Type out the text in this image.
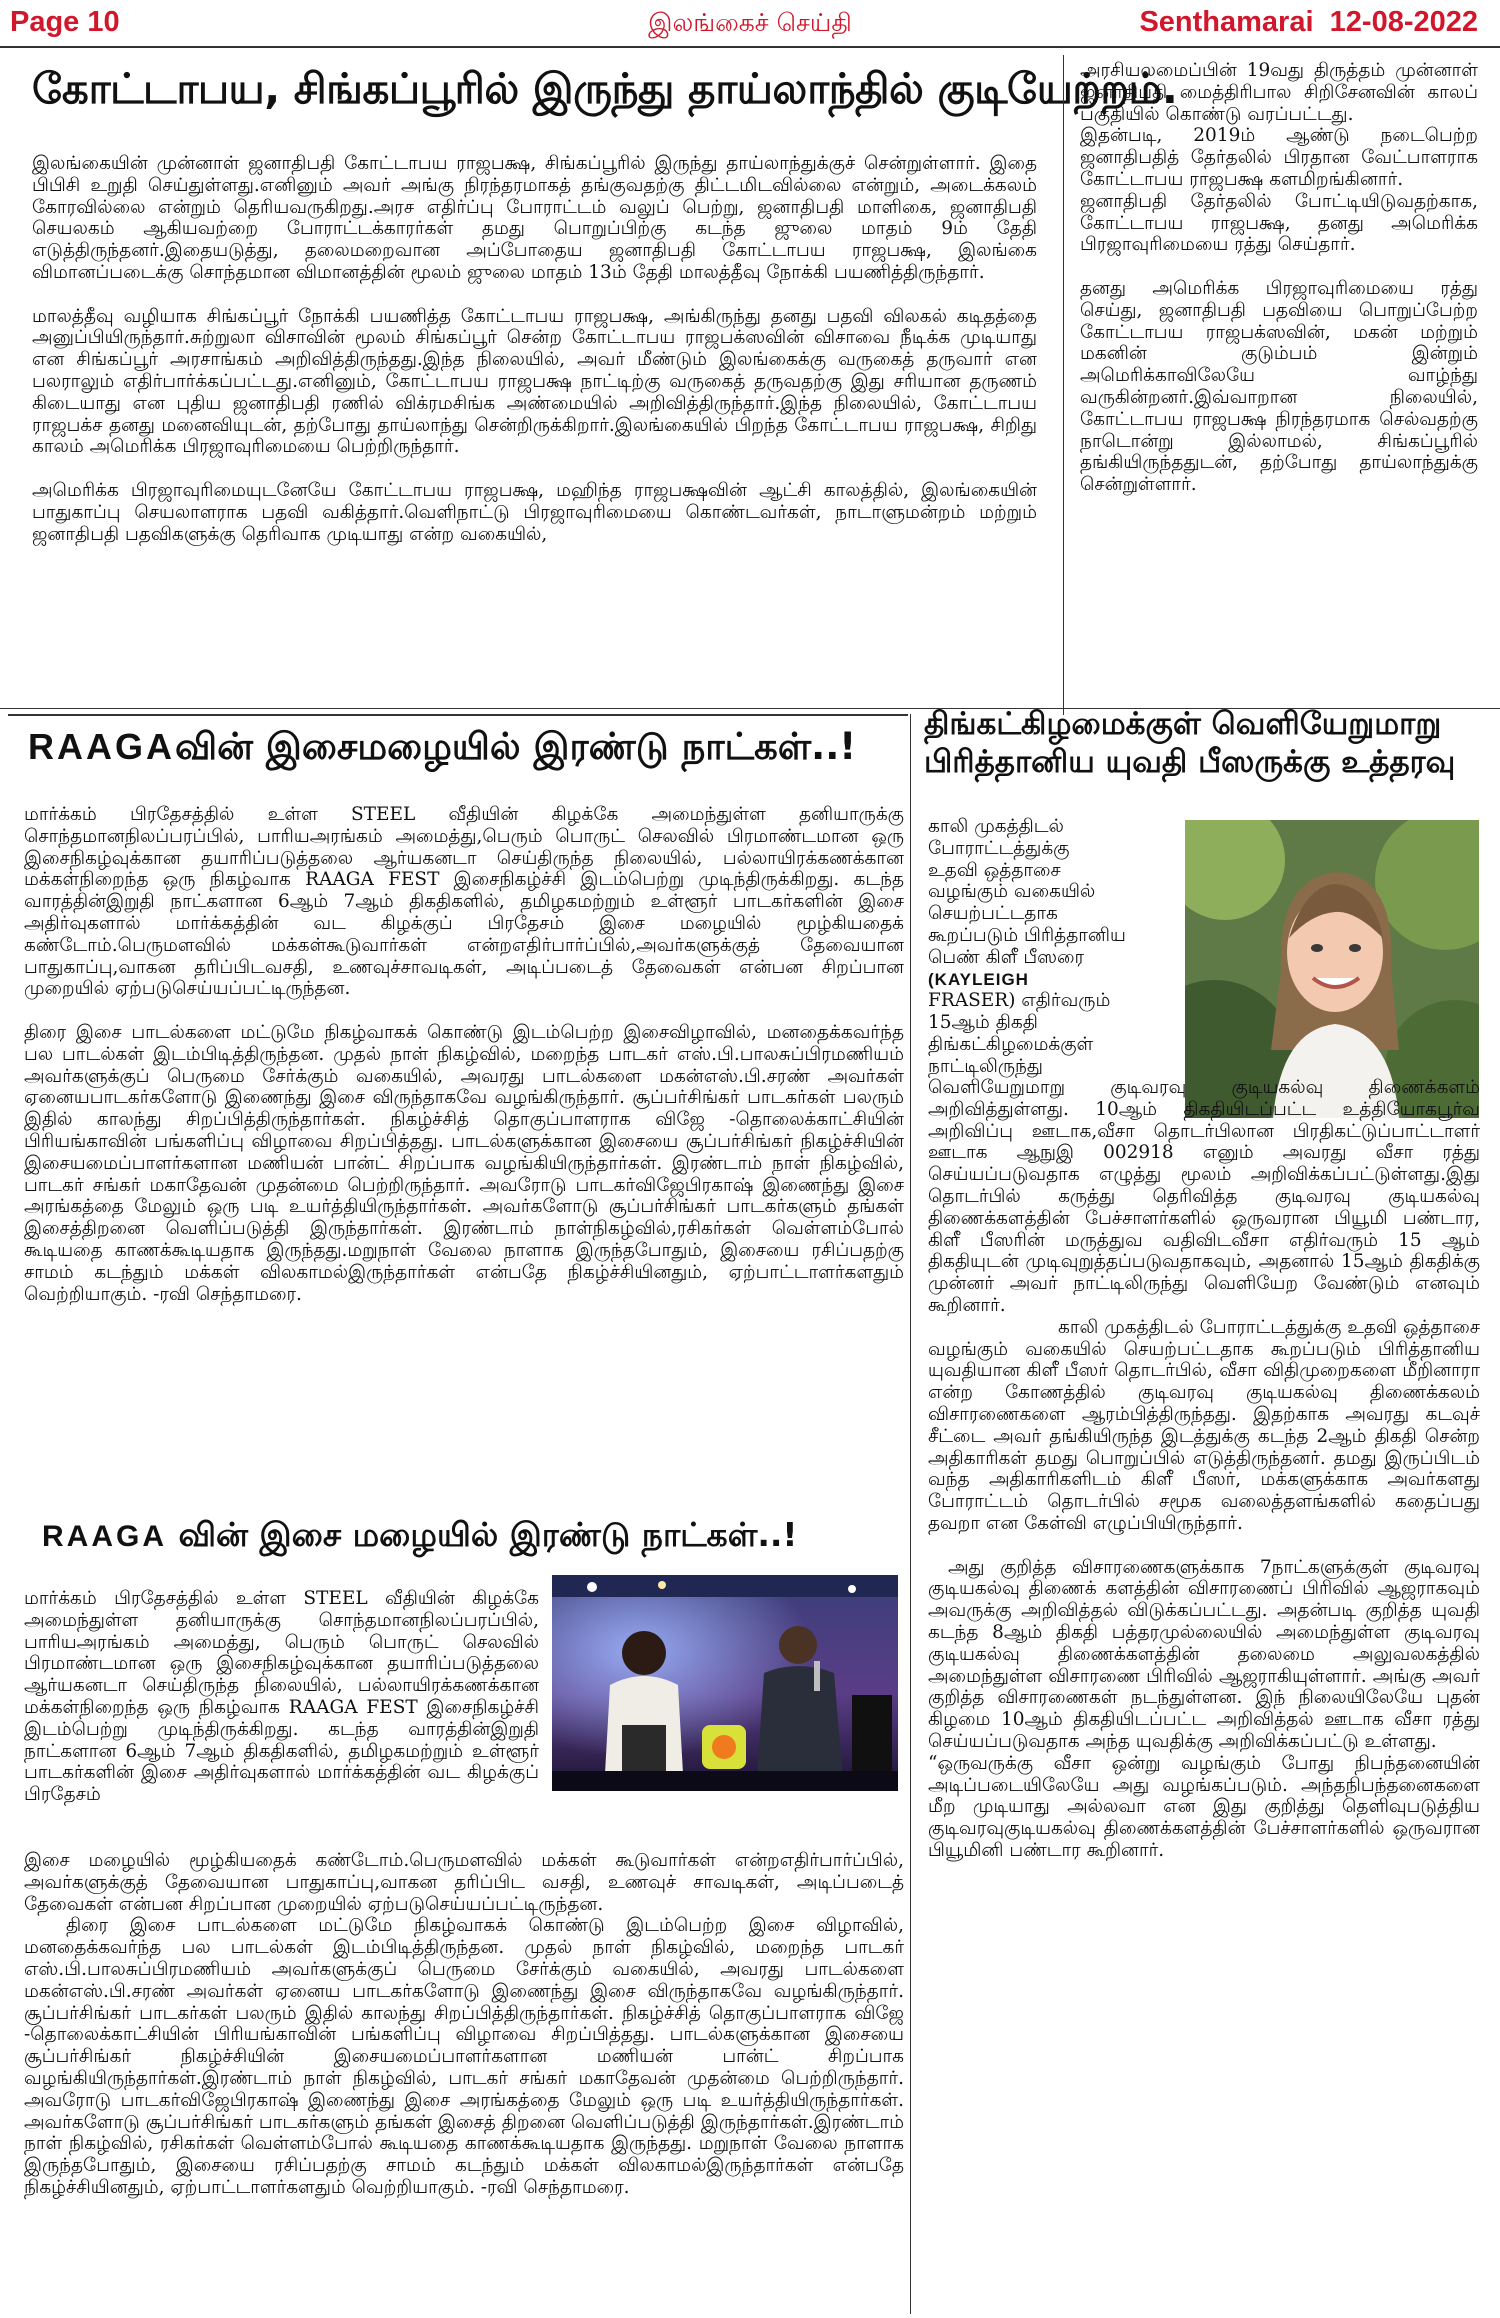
Page 10	இலங்கைச் செய்தி	Senthamarai 12-08-2022
கோட்டாபய, சிங்கப்பூரில் இருந்து தாய்லாந்தில் குடியேற்றம்.

இலங்கையின் முன்னாள் ஜனாதிபதி கோட்டாபய ராஜபக்ஷ, சிங்கப்பூரில் இருந்து தாய்லாந்துக்குச் சென்றுள்ளார். இதை பிபிசி உறுதி செய்துள்ளது.எனினும் அவர் அங்கு நிரந்தரமாகத் தங்குவதற்கு திட்டமிடவில்லை என்றும், அடைக்கலம் கோரவில்லை என்றும் தெரியவருகிறது.அரச எதிர்ப்பு போராட்டம் வலுப் பெற்று, ஜனாதிபதி மாளிகை, ஜனாதிபதி செயலகம் ஆகியவற்றை போராட்டக்காரர்கள் தமது பொறுப்பிற்கு கடந்த ஜுலை மாதம் 9ம் தேதி எடுத்திருந்தனர்.இதையடுத்து, தலைமறைவான அப்போதைய ஜனாதிபதி கோட்டாபய ராஜபக்ஷ, இலங்கை விமானப்படைக்கு சொந்தமான விமானத்தின் மூலம் ஜுலை மாதம் 13ம் தேதி மாலத்தீவு நோக்கி பயணித்திருந்தார்.

மாலத்தீவு வழியாக சிங்கப்பூர் நோக்கி பயணித்த கோட்டாபய ராஜபக்ஷ, அங்கிருந்து தனது பதவி விலகல் கடிதத்தை அனுப்பியிருந்தார்.சுற்றுலா விசாவின் மூலம் சிங்கப்பூர் சென்ற கோட்டாபய ராஜபக்ஸவின் விசாவை நீடிக்க முடியாது என சிங்கப்பூர் அரசாங்கம் அறிவித்திருந்தது.இந்த நிலையில், அவர் மீண்டும் இலங்கைக்கு வருகைத் தருவார் என பலராலும் எதிர்பார்க்கப்பட்டது.எனினும், கோட்டாபய ராஜபக்ஷ நாட்டிற்கு வருகைத் தருவதற்கு இது சரியான தருணம் கிடையாது என புதிய ஜனாதிபதி ரணில் விக்ரமசிங்க அண்மையில் அறிவித்திருந்தார்.இந்த நிலையில், கோட்டாபய ராஜபக்ச தனது மனைவியுடன், தற்போது தாய்லாந்து சென்றிருக்கிறார்.இலங்கையில் பிறந்த கோட்டாபய ராஜபக்ஷ, சிறிது காலம் அமெரிக்க பிரஜாவுரிமையை பெற்றிருந்தார்.

அமெரிக்க பிரஜாவுரிமையுடனேயே கோட்டாபய ராஜபக்ஷ, மஹிந்த ராஜபக்ஷவின் ஆட்சி காலத்தில், இலங்கையின் பாதுகாப்பு செயலாளராக பதவி வகித்தார்.வெளிநாட்டு பிரஜாவுரிமையை கொண்டவர்கள், நாடாளுமன்றம் மற்றும் ஜனாதிபதி பதவிகளுக்கு தெரிவாக முடியாது என்ற வகையில்,

அரசியலமைப்பின் 19வது திருத்தம் முன்னாள் ஜனாதிபதி மைத்திரிபால சிறிசேனவின் காலப் பகுதியில் கொண்டு வரப்பட்டது.

இதன்படி, 2019ம் ஆண்டு நடைபெற்ற ஜனாதிபதித் தேர்தலில் பிரதான வேட்பாளராக கோட்டாபய ராஜபக்ஷ களமிறங்கினார்.

ஜனாதிபதி தேர்தலில் போட்டியிடுவதற்காக, கோட்டாபய ராஜபக்ஷ, தனது அமெரிக்க பிரஜாவுரிமையை ரத்து செய்தார்.

தனது அமெரிக்க பிரஜாவுரிமையை ரத்து செய்து, ஜனாதிபதி பதவியை பொறுப்பேற்ற கோட்டாபய ராஜபக்ஸவின், மகன் மற்றும் மகனின் குடும்பம் இன்றும் அமெரிக்காவிலேயே வாழ்ந்து வருகின்றனர்.இவ்வாறான நிலையில், கோட்டாபய ராஜபக்ஷ நிரந்தரமாக செல்வதற்கு நாடொன்று இல்லாமல், சிங்கப்பூரில் தங்கியிருந்ததுடன், தற்போது தாய்லாந்துக்கு சென்றுள்ளார்.

RAAGAவின் இசைமழையில் இரண்டு நாட்கள்..!

மார்க்கம் பிரதேசத்தில் உள்ள STEEL வீதியின் கிழக்கே அமைந்துள்ள தனியாருக்கு சொந்தமானநிலப்பரப்பில், பாரியஅரங்கம் அமைத்து,பெரும் பொருட் செலவில் பிரமாண்டமான ஒரு இசைநிகழ்வுக்கான தயாரிப்படுத்தலை ஆர்யகனடா செய்திருந்த நிலையில், பல்லாயிரக்கணக்கான மக்கள்நிறைந்த ஒரு நிகழ்வாக RAAGA FEST இசைநிகழ்ச்சி இடம்பெற்று முடிந்திருக்கிறது. கடந்த வாரத்தின்இறுதி நாட்களான 6ஆம் 7ஆம் திகதிகளில், தமிழகமற்றும் உள்ளூர் பாடகர்களின் இசை அதிர்வுகளால் மார்க்கத்தின் வட கிழக்குப் பிரதேசம் இசை மழையில் மூழ்கியதைக் கண்டோம்.பெருமளவில் மக்கள்கூடுவார்கள் என்றஎதிர்பார்ப்பில்,அவர்களுக்குத் தேவையான பாதுகாப்பு,வாகன தரிப்பிடவசதி, உணவுச்சாவடிகள், அடிப்படைத் தேவைகள் என்பன சிறப்பான முறையில் ஏற்படுசெய்யப்பட்டிருந்தன.

திரை இசை பாடல்களை மட்டுமே நிகழ்வாகக் கொண்டு இடம்பெற்ற இசைவிழாவில், மனதைக்கவர்ந்த பல பாடல்கள் இடம்பிடித்திருந்தன. முதல் நாள் நிகழ்வில், மறைந்த பாடகர் எஸ்.பி.பாலசுப்பிரமணியம் அவர்களுக்குப் பெருமை சேர்க்கும் வகையில், அவரது பாடல்களை மகன்எஸ்.பி.சரண் அவர்கள் ஏனையபாடகர்களோடு இணைந்து இசை விருந்தாகவே வழங்கிருந்தார். சூப்பர்சிங்கர் பாடகர்கள் பலரும் இதில் காலந்து சிறப்பித்திருந்தார்கள். நிகழ்ச்சித் தொகுப்பாளராக விஜே -தொலைக்காட்சியின் பிரியங்காவின் பங்களிப்பு விழாவை சிறப்பித்தது. பாடல்களுக்கான இசையை சூப்பர்சிங்கர் நிகழ்ச்சியின் இசையமைப்பாளர்களான மணியன் பான்ட் சிறப்பாக வழங்கியிருந்தார்கள். இரண்டாம் நாள் நிகழ்வில், பாடகர் சங்கர் மகாதேவன் முதன்மை பெற்றிருந்தார். அவரோடு பாடகர்விஜேபிரகாஷ் இணைந்து இசை அரங்கத்தை மேலும் ஒரு படி உயர்த்தியிருந்தார்கள். அவர்களோடு சூப்பர்சிங்கர் பாடகர்களும் தங்கள் இசைத்திறனை வெளிப்படுத்தி இருந்தார்கள். இரண்டாம் நாள்நிகழ்வில்,ரசிகர்கள் வெள்ளம்போல் கூடியதை காணக்கூடியதாக இருந்தது.மறுநாள் வேலை நாளாக இருந்தபோதும், இசையை ரசிப்பதற்கு சாமம் கடந்தும் மக்கள் விலகாமல்இருந்தார்கள் என்பதே நிகழ்ச்சியினதும், ஏற்பாட்டாளர்களதும் வெற்றியாகும். -ரவி செந்தாமரை.

RAAGA வின் இசை மழையில் இரண்டு நாட்கள்..!

மார்க்கம் பிரதேசத்தில் உள்ள STEEL வீதியின் கிழக்கே அமைந்துள்ள தனியாருக்கு சொந்தமானநிலப்பரப்பில், பாரியஅரங்கம் அமைத்து, பெரும் பொருட் செலவில் பிரமாண்டமான ஒரு இசைநிகழ்வுக்கான தயாரிப்படுத்தலை ஆர்யகனடா செய்திருந்த நிலையில், பல்லாயிரக்கணக்கான மக்கள்நிறைந்த ஒரு நிகழ்வாக RAAGA FEST இசைநிகழ்ச்சி இடம்பெற்று முடிந்திருக்கிறது. கடந்த வாரத்தின்இறுதி நாட்களான 6ஆம் 7ஆம் திகதிகளில், தமிழகமற்றும் உள்ளூர் பாடகர்களின் இசை அதிர்வுகளால் மார்க்கத்தின் வட கிழக்குப் பிரதேசம்

இசை மழையில் மூழ்கியதைக் கண்டோம்.பெருமளவில் மக்கள் கூடுவார்கள் என்றஎதிர்பார்ப்பில், அவர்களுக்குத் தேவையான பாதுகாப்பு,வாகன தரிப்பிட வசதி, உணவுச் சாவடிகள், அடிப்படைத் தேவைகள் என்பன சிறப்பான முறையில் ஏற்படுசெய்யப்பட்டிருந்தன.

திரை இசை பாடல்களை மட்டுமே நிகழ்வாகக் கொண்டு இடம்பெற்ற இசை விழாவில், மனதைக்கவர்ந்த பல பாடல்கள் இடம்பிடித்திருந்தன. முதல் நாள் நிகழ்வில், மறைந்த பாடகர் எஸ்.பி.பாலசுப்பிரமணியம் அவர்களுக்குப் பெருமை சேர்க்கும் வகையில், அவரது பாடல்களை மகன்எஸ்.பி.சரண் அவர்கள் ஏனைய பாடகர்களோடு இணைந்து இசை விருந்தாகவே வழங்கிருந்தார். சூப்பர்சிங்கர் பாடகர்கள் பலரும் இதில் காலந்து சிறப்பித்திருந்தார்கள். நிகழ்ச்சித் தொகுப்பாளராக விஜே -தொலைக்காட்சியின் பிரியங்காவின் பங்களிப்பு விழாவை சிறப்பித்தது. பாடல்களுக்கான இசையை சூப்பர்சிங்கர் நிகழ்ச்சியின் இசையமைப்பாளர்களான மணியன் பான்ட் சிறப்பாக வழங்கியிருந்தார்கள்.இரண்டாம் நாள் நிகழ்வில், பாடகர் சங்கர் மகாதேவன் முதன்மை பெற்றிருந்தார். அவரோடு பாடகர்விஜேபிரகாஷ் இணைந்து இசை அரங்கத்தை மேலும் ஒரு படி உயர்த்தியிருந்தார்கள். அவர்களோடு சூப்பர்சிங்கர் பாடகர்களும் தங்கள் இசைத் திறனை வெளிப்படுத்தி இருந்தார்கள்.இரண்டாம் நாள் நிகழ்வில், ரசிகர்கள் வெள்ளம்போல் கூடியதை காணக்கூடியதாக இருந்தது. மறுநாள் வேலை நாளாக இருந்தபோதும், இசையை ரசிப்பதற்கு சாமம் கடந்தும் மக்கள் விலகாமல்இருந்தார்கள் என்பதே நிகழ்ச்சியினதும், ஏற்பாட்டாளர்களதும் வெற்றியாகும். -ரவி செந்தாமரை.

திங்கட்கிழமைக்குள் வெளியேறுமாறு
பிரித்தானிய யுவதி பீஸருக்கு உத்தரவு
காலி முகத்திடல்
போராட்டத்துக்கு
உதவி ஒத்தாசை
வழங்கும் வகையில்
செயற்பட்டதாக
கூறப்படும் பிரித்தானிய
பெண் கிளீ பீஸரை
(KAYLEIGH
FRASER) எதிர்வரும்
15ஆம் திகதி
திங்கட்கிழமைக்குள்
நாட்டிலிருந்து

வெளியேறுமாறு குடிவரவு குடியகல்வு திணைக்களம் அறிவித்துள்ளது. 10ஆம் திகதியிடப்பட்ட உத்தியோகபூர்வ அறிவிப்பு ஊடாக,வீசா தொடர்பிலான பிரதிகட்டுப்பாட்டாளர் ஊடாக ஆநுஇ 002918 எனும் அவரது வீசா ரத்து செய்யப்படுவதாக எழுத்து மூலம் அறிவிக்கப்பட்டுள்ளது.இது தொடர்பில் கருத்து தெரிவித்த குடிவரவு குடியகல்வு திணைக்களத்தின் பேச்சாளர்களில் ஒருவரான பியூமி பண்டார, கிளீ பீஸரின் மருத்துவ வதிவிடவீசா எதிர்வரும் 15 ஆம் திகதியுடன் முடிவுறுத்தப்படுவதாகவும், அதனால் 15ஆம் திகதிக்கு முன்னர் அவர் நாட்டிலிருந்து வெளியேற வேண்டும் எனவும் கூறினார்.

காலி முகத்திடல் போராட்டத்துக்கு உதவி ஒத்தாசை வழங்கும் வகையில் செயற்பட்டதாக கூறப்படும் பிரித்தானிய யுவதியான கிளீ பீஸர் தொடர்பில், வீசா விதிமுறைகளை மீறினாரா என்ற கோணத்தில் குடிவரவு குடியகல்வு திணைக்கலம் விசாரணைகளை ஆரம்பித்திருந்தது. இதற்காக அவரது கடவுச் சீட்டை அவர் தங்கியிருந்த இடத்துக்கு கடந்த 2ஆம் திகதி சென்ற அதிகாரிகள் தமது பொறுப்பில் எடுத்திருந்தனர். தமது இருப்பிடம் வந்த அதிகாரிகளிடம் கிளீ பீஸர், மக்களுக்காக அவர்களது போராட்டம் தொடர்பில் சமூக வலைத்தளங்களில் கதைப்பது தவறா என கேள்வி எழுப்பியிருந்தார்.

அது குறித்த விசாரணைகளுக்காக 7நாட்களுக்குள் குடிவரவு குடியகல்வு திணைக் களத்தின் விசாரணைப் பிரிவில் ஆஜராகவும் அவருக்கு அறிவித்தல் விடுக்கப்பட்டது. அதன்படி குறித்த யுவதி கடந்த 8ஆம் திகதி பத்தரமுல்லையில் அமைந்துள்ள குடிவரவு குடியகல்வு திணைக்களத்தின் தலைமை அலுவலகத்தில் அமைந்துள்ள விசாரணை பிரிவில் ஆஜராகியுள்ளார். அங்கு அவர் குறித்த விசாரணைகள் நடந்துள்ளன. இந் நிலையிலேயே புதன் கிழமை 10ஆம் திகதியிடப்பட்ட அறிவித்தல் ஊடாக வீசா ரத்து செய்யப்படுவதாக அந்த யுவதிக்கு அறிவிக்கப்பட்டு உள்ளது.

“ஒருவருக்கு வீசா ஒன்று வழங்கும் போது நிபந்தனையின் அடிப்படையிலேயே அது வழங்கப்படும். அந்தநிபந்தனைகளை மீற முடியாது அல்லவா என இது குறித்து தெளிவுபடுத்திய குடிவரவுகுடியகல்வு திணைக்களத்தின் பேச்சாளர்களில் ஒருவரான பியூமினி பண்டார கூறினார்.
